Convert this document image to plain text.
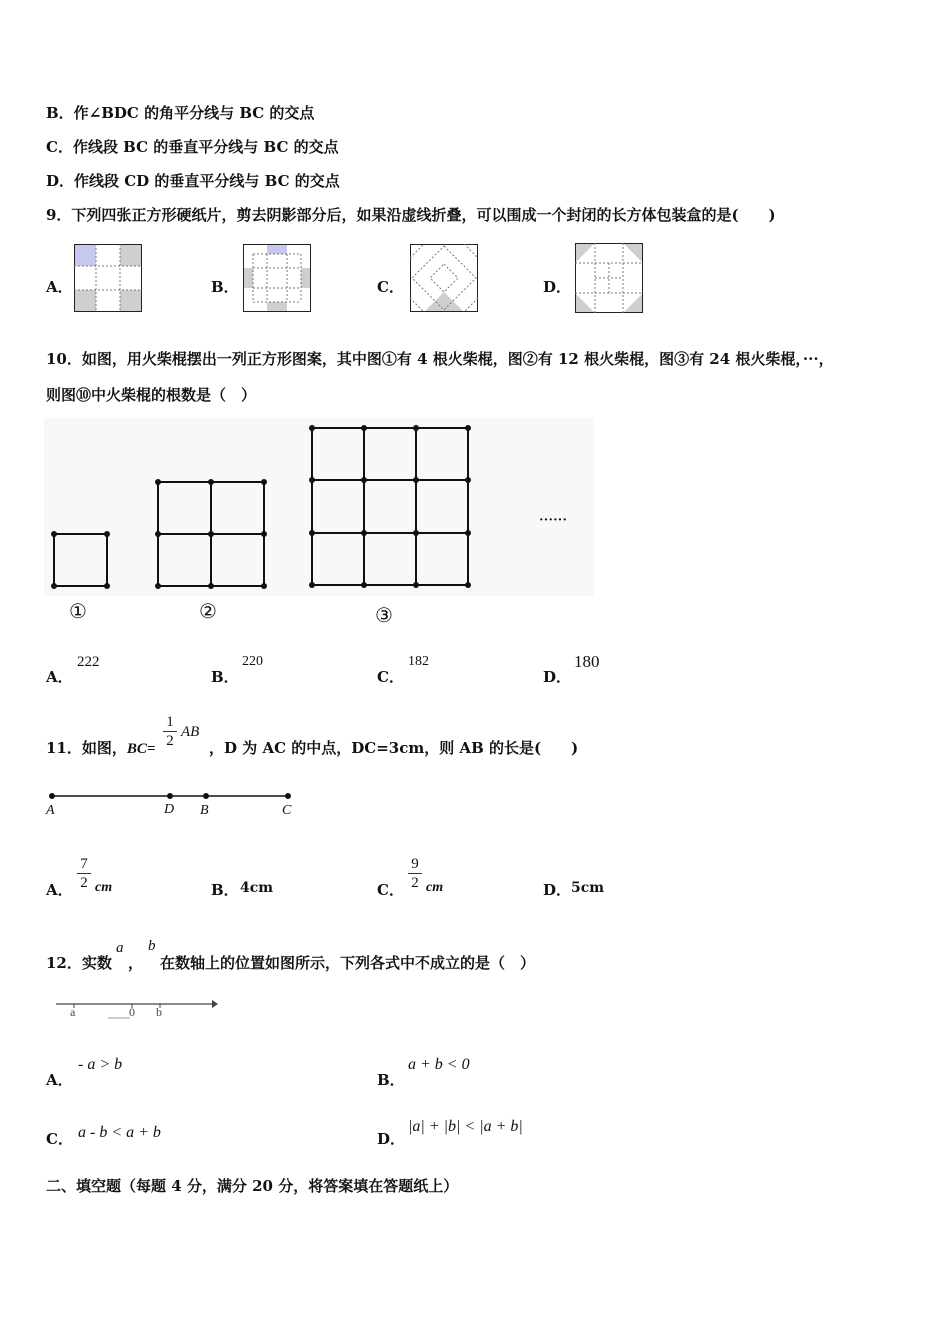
B．作∠BDC 的角平分线与 BC 的交点
C．作线段 BC 的垂直平分线与 BC 的交点
D．作线段 CD 的垂直平分线与 BC 的交点
9．下列四张正方形硬纸片，剪去阴影部分后，如果沿虚线折叠，可以围成一个封闭的长方体包装盒的是(　　)
A．	B．	C．	D．
10．如图，用火柴棍摆出一列正方形图案，其中图①有 4 根火柴棍，图②有 12 根火柴棍，图③有 24 根火柴棍，···，
则图⑩中火柴棍的根数是（　）
······
①	②	③
A．
222
B．
220
C．
182
D．
180
11．如图，$BC= \frac{1}{2}$ AB
，D 为 AC 的中点，DC=3cm，则 AB 的长是(　　)
A	D B	C
A． $\frac{7}{2}$ cm	B． 4cm	C． $\frac{9}{2}$ cm	D． 5cm
12．实数
a
，
b
在数轴上的位置如图所示，下列各式中不成立的是（　）
a	0 b
A．
- a > b
B．
a + b < 0
C． a - b < a + b	D．
|a| + |b| < |a + b|
二、填空题（每题 4 分，满分 20 分，将答案填在答题纸上）
